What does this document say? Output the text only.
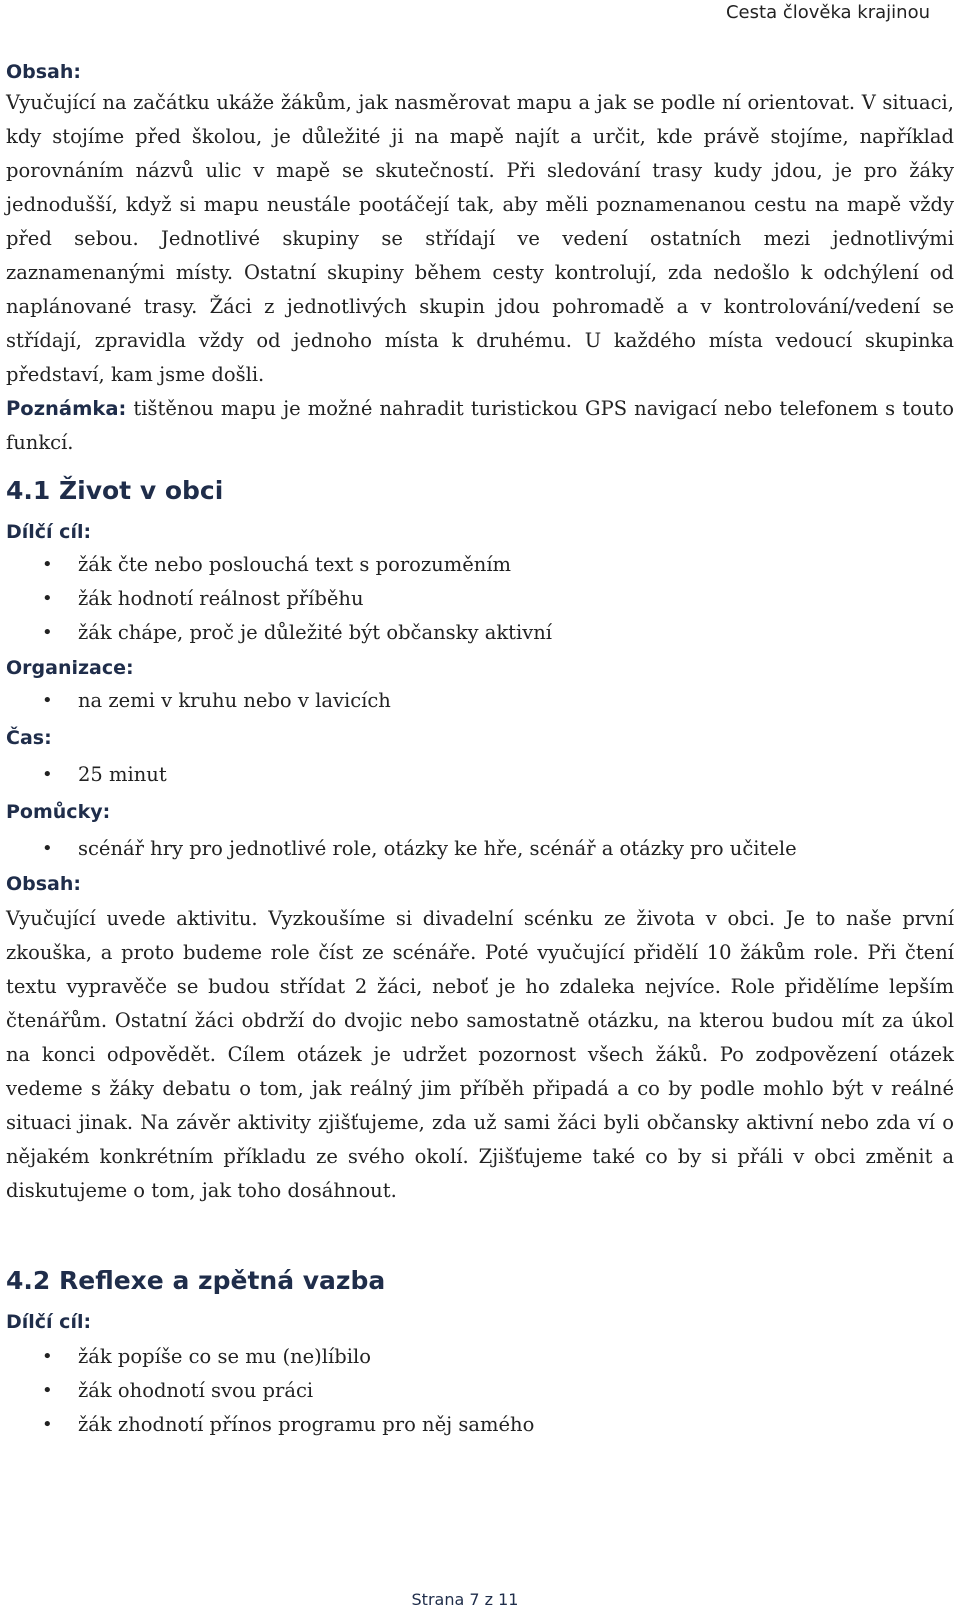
Cesta člověka krajinou
Obsah:

Vyučující na začátku ukáže žákům, jak nasměrovat mapu a jak se podle ní orientovat. V situaci, kdy stojíme před školou, je důležité ji na mapě najít a určit, kde právě stojíme, například porovnáním názvů ulic v mapě se skutečností. Při sledování trasy kudy jdou, je pro žáky jednodušší, když si mapu neustále pootáčejí tak, aby měli poznamenanou cestu na mapě vždy před sebou. Jednotlivé skupiny se střídají ve vedení ostatních mezi jednotlivými zaznamenanými místy. Ostatní skupiny během cesty kontrolují, zda nedošlo k odchýlení od naplánované trasy. Žáci z jednotlivých skupin jdou pohromadě a v kontrolování/vedení se střídají, zpravidla vždy od jednoho místa k druhému. U každého místa vedoucí skupinka představí, kam jsme došli.

Poznámka: tištěnou mapu je možné nahradit turistickou GPS navigací nebo telefonem s touto funkcí.

4.1 Život v obci
Dílčí cíl:
• žák čte nebo poslouchá text s porozuměním
• žák hodnotí reálnost příběhu
• žák chápe, proč je důležité být občansky aktivní
Organizace:
• na zemi v kruhu nebo v lavicích
Čas:
• 25 minut
Pomůcky:
• scénář hry pro jednotlivé role, otázky ke hře, scénář a otázky pro učitele
Obsah:

Vyučující uvede aktivitu. Vyzkoušíme si divadelní scénku ze života v obci. Je to naše první zkouška, a proto budeme role číst ze scénáře. Poté vyučující přidělí 10 žákům role. Při čtení textu vypravěče se budou střídat 2 žáci, neboť je ho zdaleka nejvíce. Role přidělíme lepším čtenářům. Ostatní žáci obdrží do dvojic nebo samostatně otázku, na kterou budou mít za úkol na konci odpovědět. Cílem otázek je udržet pozornost všech žáků. Po zodpovězení otázek vedeme s žáky debatu o tom, jak reálný jim příběh připadá a co by podle mohlo být v reálné situaci jinak. Na závěr aktivity zjišťujeme, zda už sami žáci byli občansky aktivní nebo zda ví o nějakém konkrétním příkladu ze svého okolí. Zjišťujeme také co by si přáli v obci změnit a diskutujeme o tom, jak toho dosáhnout.

4.2 Reflexe a zpětná vazba
Dílčí cíl:
• žák popíše co se mu (ne)líbilo
• žák ohodnotí svou práci
• žák zhodnotí přínos programu pro něj samého
Strana 7 z 11
